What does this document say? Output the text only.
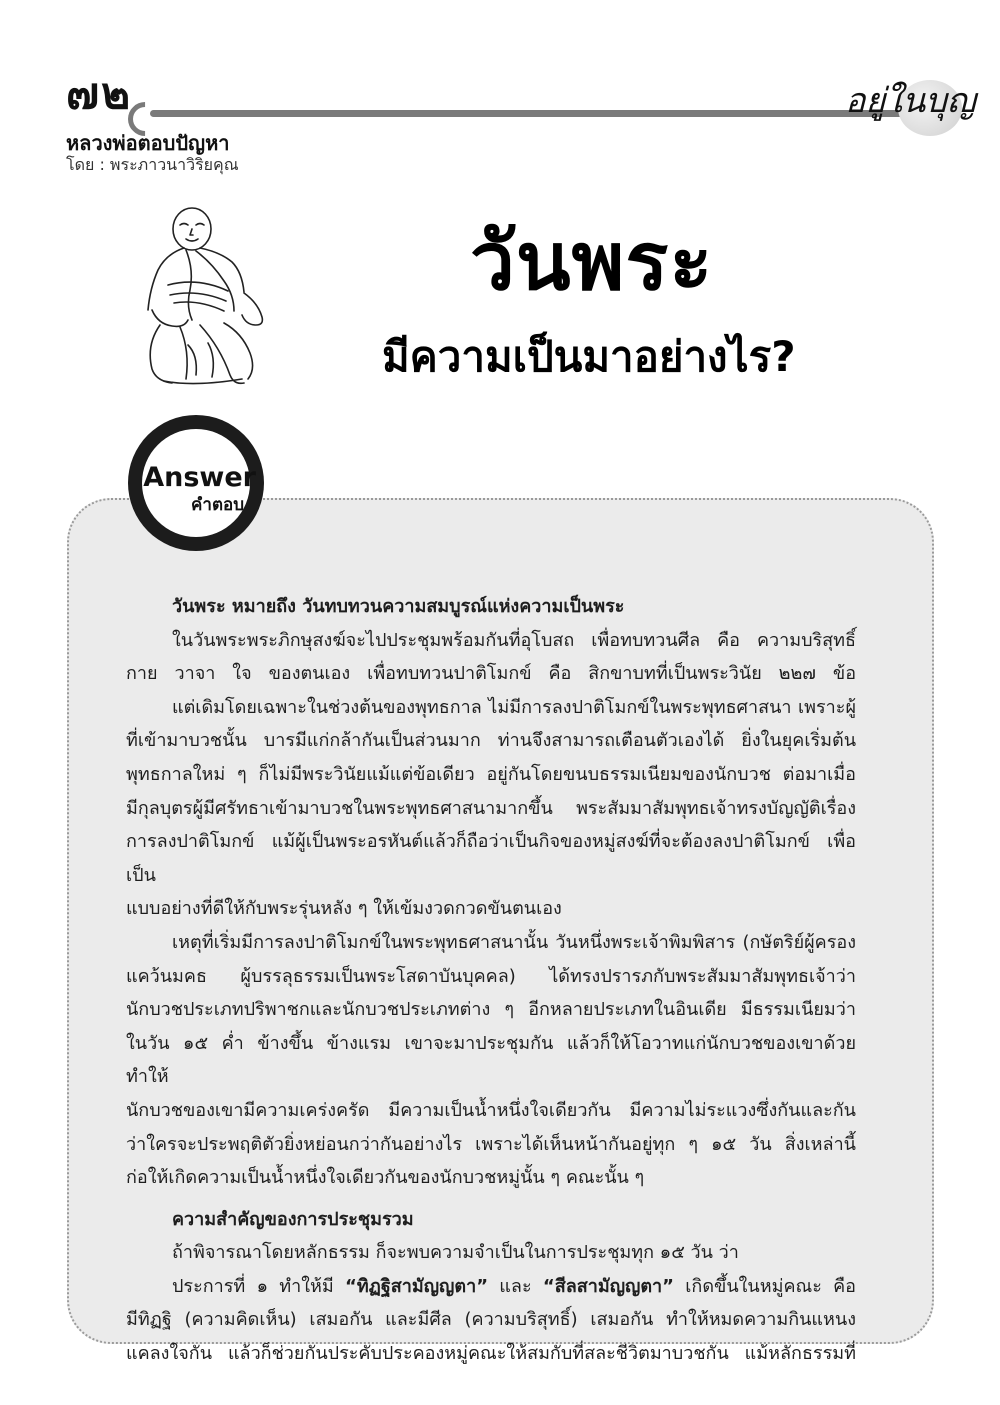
๗๒	อยู่ในบุญ
หลวงพ่อตอบปัญหา
โดย : พระภาวนาวิริยคุณ
วันพระ
มีความเป็นมาอย่างไร?
Answer
คำตอบ

วันพระ หมายถึง วันทบทวนความสมบูรณ์แห่งความเป็นพระ

ในวันพระพระภิกษุสงฆ์จะไปประชุมพร้อมกันที่อุโบสถ เพื่อทบทวนศีล คือ ความบริสุทธิ์

กาย วาจา ใจ ของตนเอง เพื่อทบทวนปาติโมกข์ คือ สิกขาบทที่เป็นพระวินัย ๒๒๗ ข้อ

แต่เดิมโดยเฉพาะในช่วงต้นของพุทธกาล ไม่มีการลงปาติโมกข์ในพระพุทธศาสนา เพราะผู้

ที่เข้ามาบวชนั้น บารมีแก่กล้ากันเป็นส่วนมาก ท่านจึงสามารถเตือนตัวเองได้ ยิ่งในยุคเริ่มต้น

พุทธกาลใหม่ ๆ ก็ไม่มีพระวินัยแม้แต่ข้อเดียว อยู่กันโดยขนบธรรมเนียมของนักบวช ต่อมาเมื่อ

มีกุลบุตรผู้มีศรัทธาเข้ามาบวชในพระพุทธศาสนามากขึ้น พระสัมมาสัมพุทธเจ้าทรงบัญญัติเรื่อง

การลงปาติโมกข์ แม้ผู้เป็นพระอรหันต์แล้วก็ถือว่าเป็นกิจของหมู่สงฆ์ที่จะต้องลงปาติโมกข์ เพื่อเป็น

แบบอย่างที่ดีให้กับพระรุ่นหลัง ๆ ให้เข้มงวดกวดขันตนเอง

เหตุที่เริ่มมีการลงปาติโมกข์ในพระพุทธศาสนานั้น วันหนึ่งพระเจ้าพิมพิสาร (กษัตริย์ผู้ครอง

แคว้นมคธ ผู้บรรลุธรรมเป็นพระโสดาบันบุคคล) ได้ทรงปรารภกับพระสัมมาสัมพุทธเจ้าว่า

นักบวชประเภทปริพาชกและนักบวชประเภทต่าง ๆ อีกหลายประเภทในอินเดีย มีธรรมเนียมว่า

ในวัน ๑๕ ค่ำ ข้างขึ้น ข้างแรม เขาจะมาประชุมกัน แล้วก็ให้โอวาทแก่นักบวชของเขาด้วย ทำให้

นักบวชของเขามีความเคร่งครัด มีความเป็นน้ำหนึ่งใจเดียวกัน มีความไม่ระแวงซึ่งกันและกัน

ว่าใครจะประพฤติตัวยิ่งหย่อนกว่ากันอย่างไร เพราะได้เห็นหน้ากันอยู่ทุก ๆ ๑๕ วัน สิ่งเหล่านี้

ก่อให้เกิดความเป็นน้ำหนึ่งใจเดียวกันของนักบวชหมู่นั้น ๆ คณะนั้น ๆ

ความสำคัญของการประชุมรวม

ถ้าพิจารณาโดยหลักธรรม ก็จะพบความจำเป็นในการประชุมทุก ๑๕ วัน ว่า

ประการที่ ๑ ทำให้มี “ทิฏฐิสามัญญตา” และ “สีลสามัญญตา” เกิดขึ้นในหมู่คณะ คือ

มีทิฏฐิ (ความคิดเห็น) เสมอกัน และมีศีล (ความบริสุทธิ์) เสมอกัน ทำให้หมดความกินแหนง

แคลงใจกัน แล้วก็ช่วยกันประคับประคองหมู่คณะให้สมกับที่สละชีวิตมาบวชกัน แม้หลักธรรมที่
